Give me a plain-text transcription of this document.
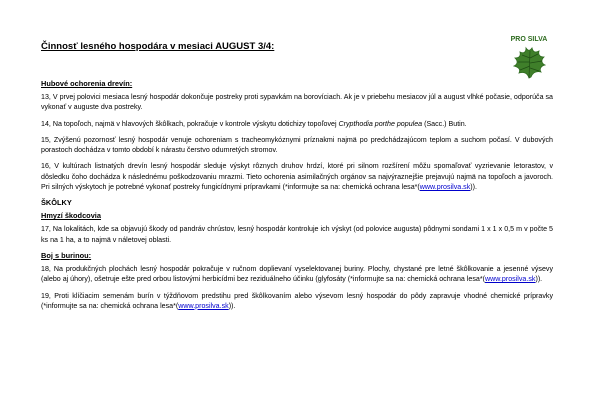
Činnosť lesného hospodára v mesiaci AUGUST 3/4:
PRO SILVA
Hubové ochorenia drevín:
13, V prvej polovici mesiaca lesný hospodár dokončuje postreky proti sypavkám na borovíciach. Ak je v priebehu mesiacov júl a august vlhké počasie, odporúča sa vykonať v auguste dva postreky.
14, Na topoľoch, najmä v hlavových škôlkach, pokračuje v kontrole výskytu dotichizy topoľovej Crypthodia porthe populea (Sacc.) Butin.
15, Zvýšenú pozornosť lesný hospodár venuje ochoreniam s tracheomykóznymi príznakmi najmä po predchádzajúcom teplom a suchom počasí. V dubových porastoch dochádza v tomto období k nárastu čerstvo odumretých stromov.
16, V kultúrach listnatých drevín lesný hospodár sleduje výskyt rôznych druhov hrdzí, ktoré pri silnom rozšírení môžu spomaľovať vyzrievanie letorastov, v dôsledku čoho dochádza k následnému poškodzovaniu mrazmi. Tieto ochorenia asimilačných orgánov sa najvýraznejšie prejavujú najmä na topoľoch a javoroch. Pri silných výskytoch je potrebné vykonať postreky fungicídnymi prípravkami (*informujte sa na: chemická ochrana lesa*(www.prosilva.sk)).
ŠKÔLKY
Hmyzí škodcovia
17, Na lokalitách, kde sa objavujú škody od pandráv chrústov, lesný hospodár kontroluje ich výskyt (od polovice augusta) pôdnymi sondami 1 x 1 x 0,5 m v počte 5 ks na 1 ha, a to najmä v náletovej oblasti.
Boj s burinou:
18, Na produkčných plochách lesný hospodár pokračuje v ručnom doplievaní vyselektovanej buriny. Plochy, chystané pre letné škôlkovanie a jesenné výsevy (alebo aj úhory), ošetruje ešte pred orbou listovými herbicídmi bez reziduálneho účinku (glyfosáty (*informujte sa na: chemická ochrana lesa*(www.prosilva.sk)).
19, Proti klíčiacim semenám burín v týždňovom predstihu pred škôlkovaním alebo výsevom lesný hospodár do pôdy zapravuje vhodné chemické prípravky (*informujte sa na: chemická ochrana lesa*(www.prosilva.sk)).
